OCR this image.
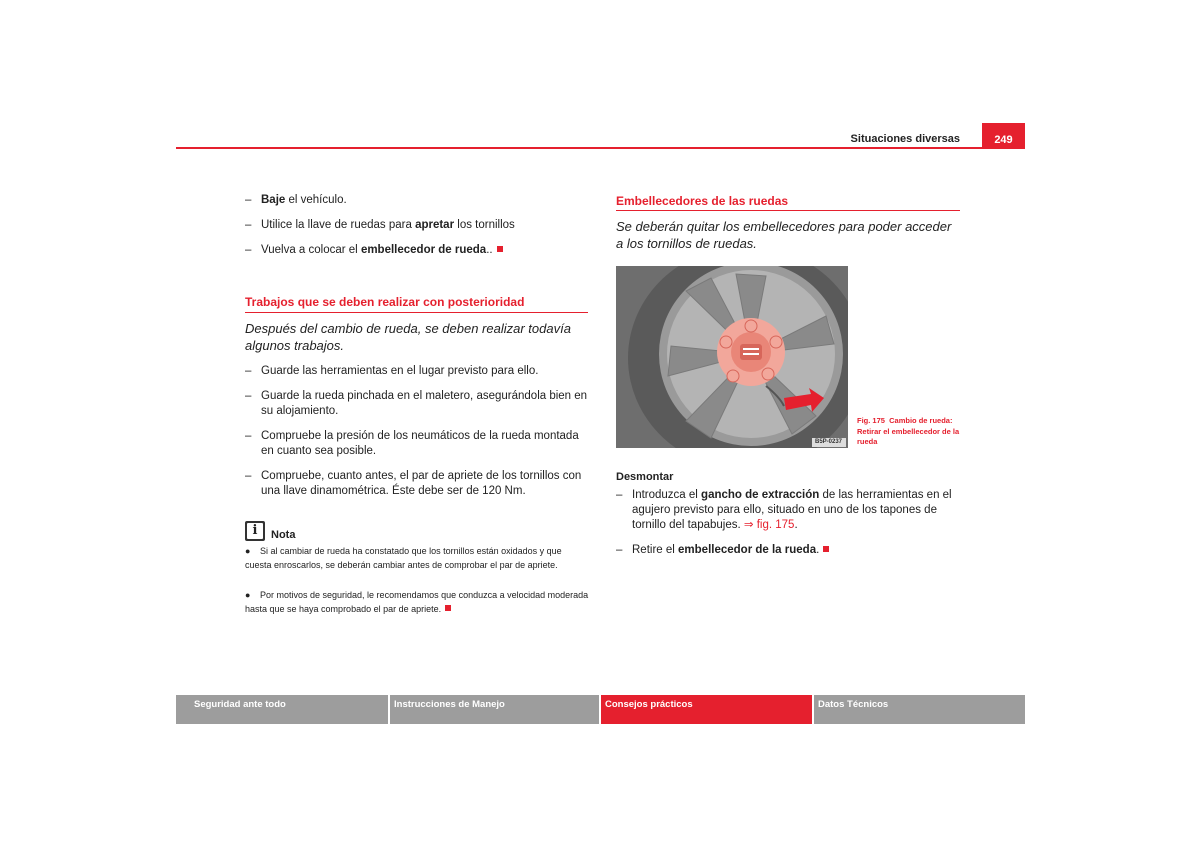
Situaciones diversas	249
– Baje el vehículo.
– Utilice la llave de ruedas para apretar los tornillos
– Vuelva a colocar el embellecedor de rueda..
Trabajos que se deben realizar con posterioridad
Después del cambio de rueda, se deben realizar todavía algunos trabajos.
– Guarde las herramientas en el lugar previsto para ello.
– Guarde la rueda pinchada en el maletero, asegurándola bien en su alojamiento.
– Compruebe la presión de los neumáticos de la rueda montada en cuanto sea posible.
– Compruebe, cuanto antes, el par de apriete de los tornillos con una llave dinamométrica. Éste debe ser de 120 Nm.
i	Nota
●	Si al cambiar de rueda ha constatado que los tornillos están oxidados y que cuesta enroscarlos, se deberán cambiar antes de comprobar el par de apriete.
● Por motivos de seguridad, le recomendamos que conduzca a velocidad moderada hasta que se haya comprobado el par de apriete.
Embellecedores de las ruedas
Se deberán quitar los embellecedores para poder acceder a los tornillos de ruedas.
B5P-0237
Fig. 175 Cambio de rueda: Retirar el embellecedor de la rueda
Desmontar
– Introduzca el gancho de extracción de las herramientas en el agujero previsto para ello, situado en uno de los tapones de tornillo del tapabujes. ⇒ fig. 175.
– Retire el embellecedor de la rueda.
Seguridad ante todo	Instrucciones de Manejo	Consejos prácticos	Datos Técnicos
